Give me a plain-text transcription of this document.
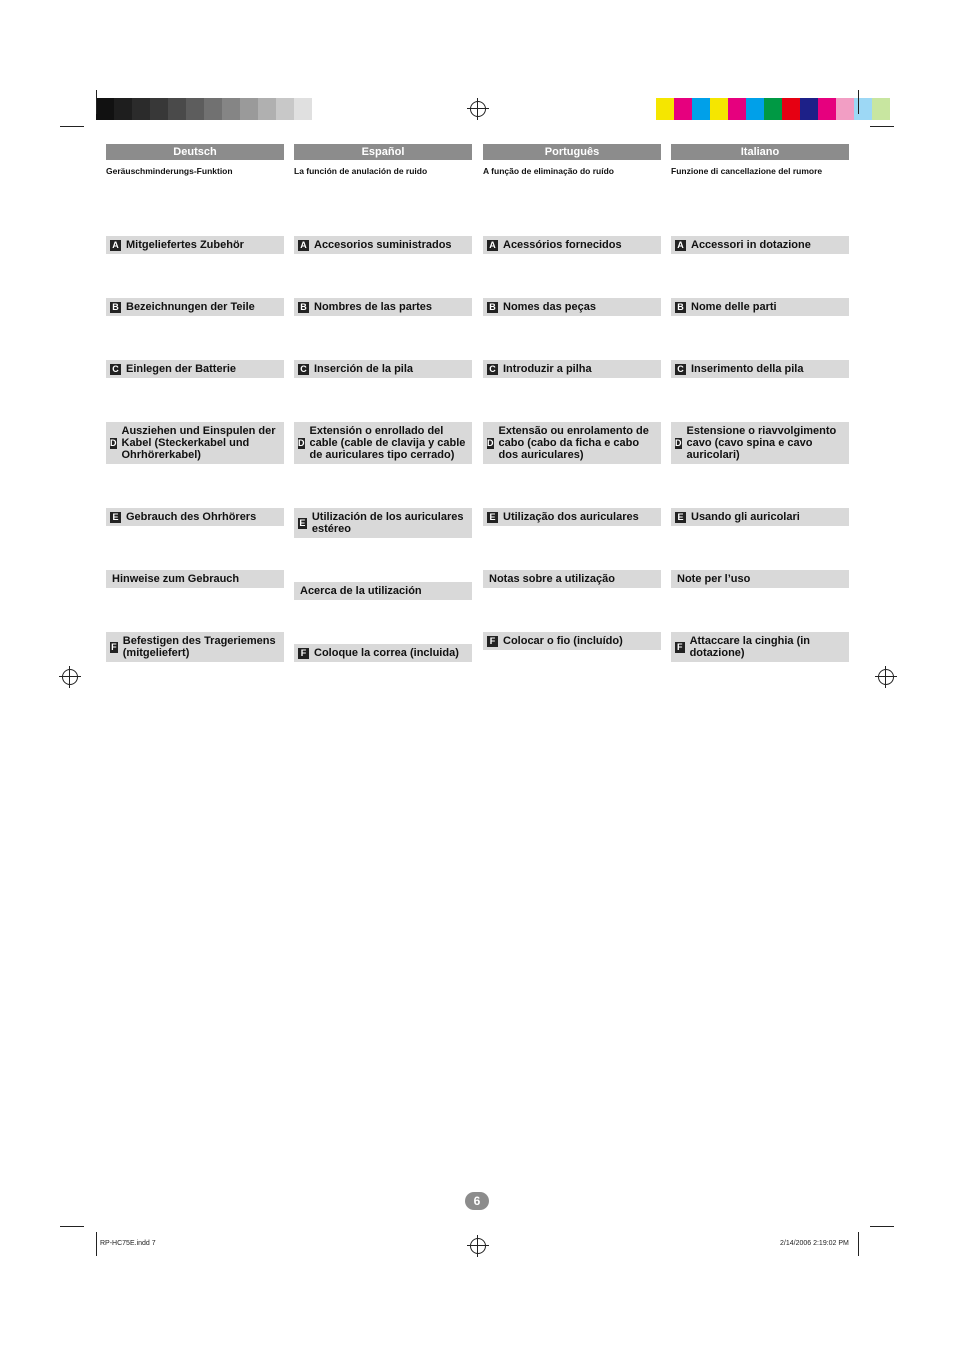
Deutsch
Geräuschminderungs-Funktion
A Mitgeliefertes Zubehör
B Bezeichnungen der Teile
C Einlegen der Batterie
D
Ausziehen und Einspulen der Kabel (Steckerkabel und Ohrhörerkabel)
E Gebrauch des Ohrhörers
Hinweise zum Gebrauch
F Befestigen des Trageriemens (mitgeliefert)
Español
La función de anulación de ruido
A Accesorios suministrados
B Nombres de las partes
C Inserción de la pila
D
Extensión o enrollado del cable (cable de clavija y cable de auriculares tipo cerrado)
E Utilización de los auriculares estéreo
Acerca de la utilización
F Coloque la correa (incluida)
Português
A função de eliminação do ruído
A Acessórios fornecidos
B Nomes das peças
C Introduzir a pilha
D
Extensão ou enrolamento de cabo (cabo da ficha e cabo dos auriculares)
E Utilização dos auriculares
Notas sobre a utilização
F Colocar o fio (incluído)
Italiano
Funzione di cancellazione del rumore
A Accessori in dotazione
B Nome delle parti
C Inserimento della pila
D
Estensione o riavvolgimento cavo (cavo spina e cavo auricolari)
E Usando gli auricolari
Note per l’uso
F Attaccare la cinghia (in dotazione)
6
RP-HC75E.indd 7	2/14/2006 2:19:02 PM
